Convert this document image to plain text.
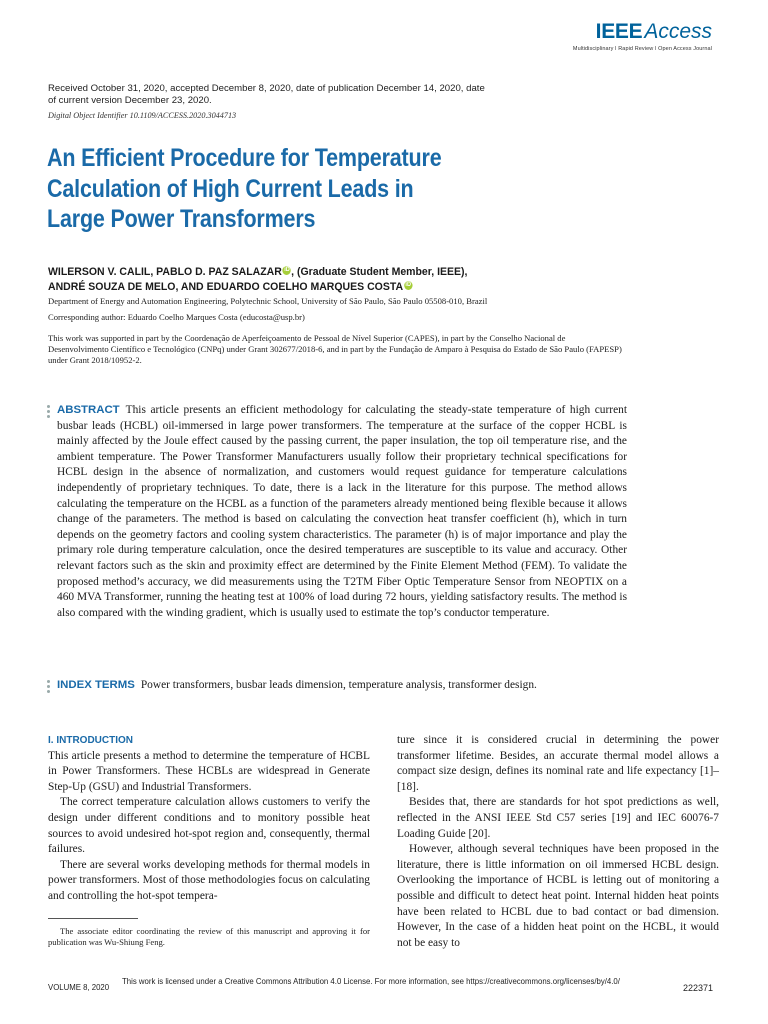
IEEEAccess
Multidisciplinary ǀ Rapid Review ǀ Open Access Journal
Received October 31, 2020, accepted December 8, 2020, date of publication December 14, 2020, date of current version December 23, 2020.
Digital Object Identifier 10.1109/ACCESS.2020.3044713
An Efficient Procedure for Temperature
Calculation of High Current Leads in
Large Power Transformers
WILERSON V. CALIL, PABLO D. PAZ SALAZAR iD, (Graduate Student Member, IEEE),
ANDRÉ SOUZA DE MELO, AND EDUARDO COELHO MARQUES COSTA iD
Department of Energy and Automation Engineering, Polytechnic School, University of São Paulo, São Paulo 05508-010, Brazil
Corresponding author: Eduardo Coelho Marques Costa (educosta@usp.br)
This work was supported in part by the Coordenação de Aperfeiçoamento de Pessoal de Nível Superior (CAPES), in part by the Conselho Nacional de Desenvolvimento Científico e Tecnológico (CNPq) under Grant 302677/2018-6, and in part by the Fundação de Amparo à Pesquisa do Estado de São Paulo (FAPESP) under Grant 2018/10952-2.
ABSTRACT This article presents an efficient methodology for calculating the steady-state temperature of high current busbar leads (HCBL) oil-immersed in large power transformers. The temperature at the surface of the copper HCBL is mainly affected by the Joule effect caused by the passing current, the paper insulation, the top oil temperature rise, and the ambient temperature. The Power Transformer Manufacturers usually follow their proprietary technical specifications for HCBL design in the absence of normalization, and customers would request guidance for temperature calculations independently of proprietary techniques. To date, there is a lack in the literature for this purpose. The method allows calculating the temperature on the HCBL as a function of the parameters already mentioned being flexible because it allows change of the parameters. The method is based on calculating the convection heat transfer coefficient (h), which in turn depends on the geometry factors and cooling system characteristics. The parameter (h) is of major importance and play the primary role during temperature calculation, once the desired temperatures are susceptible to its value and accuracy. Other relevant factors such as the skin and proximity effect are determined by the Finite Element Method (FEM). To validate the proposed method’s accuracy, we did measurements using the T2TM Fiber Optic Temperature Sensor from NEOPTIX on a 460 MVA Transformer, running the heating test at 100% of load during 72 hours, yielding satisfactory results. The method is also compared with the winding gradient, which is usually used to estimate the top’s conductor temperature.
INDEX TERMS Power transformers, busbar leads dimension, temperature analysis, transformer design.
I. INTRODUCTION

This article presents a method to determine the temperature of HCBL in Power Transformers. These HCBLs are widespread in Generate Step-Up (GSU) and Industrial Transformers.

The correct temperature calculation allows customers to verify the design under different conditions and to monitory possible heat sources to avoid undesired hot-spot region and, consequently, thermal failures.

There are several works developing methods for thermal models in power transformers. Most of those methodologies focus on calculating and controlling the hot-spot tempera-

ture since it is considered crucial in determining the power transformer lifetime. Besides, an accurate thermal model allows a compact size design, defines its nominal rate and life expectancy [1]–[18].

Besides that, there are standards for hot spot predictions as well, reflected in the ANSI IEEE Std C57 series [19] and IEC 60076-7 Loading Guide [20].

However, although several techniques have been proposed in the literature, there is little information on oil immersed HCBL design. Overlooking the importance of HCBL is letting out of monitoring a possible and difficult to detect heat point. Internal hidden heat points have been related to HCBL due to bad contact or bad dimension. However, In the case of a hidden heat point on the HCBL, it would not be easy to

The associate editor coordinating the review of this manuscript and approving it for publication was Wu-Shiung Feng.
VOLUME 8, 2020
This work is licensed under a Creative Commons Attribution 4.0 License. For more information, see https://creativecommons.org/licenses/by/4.0/
222371
